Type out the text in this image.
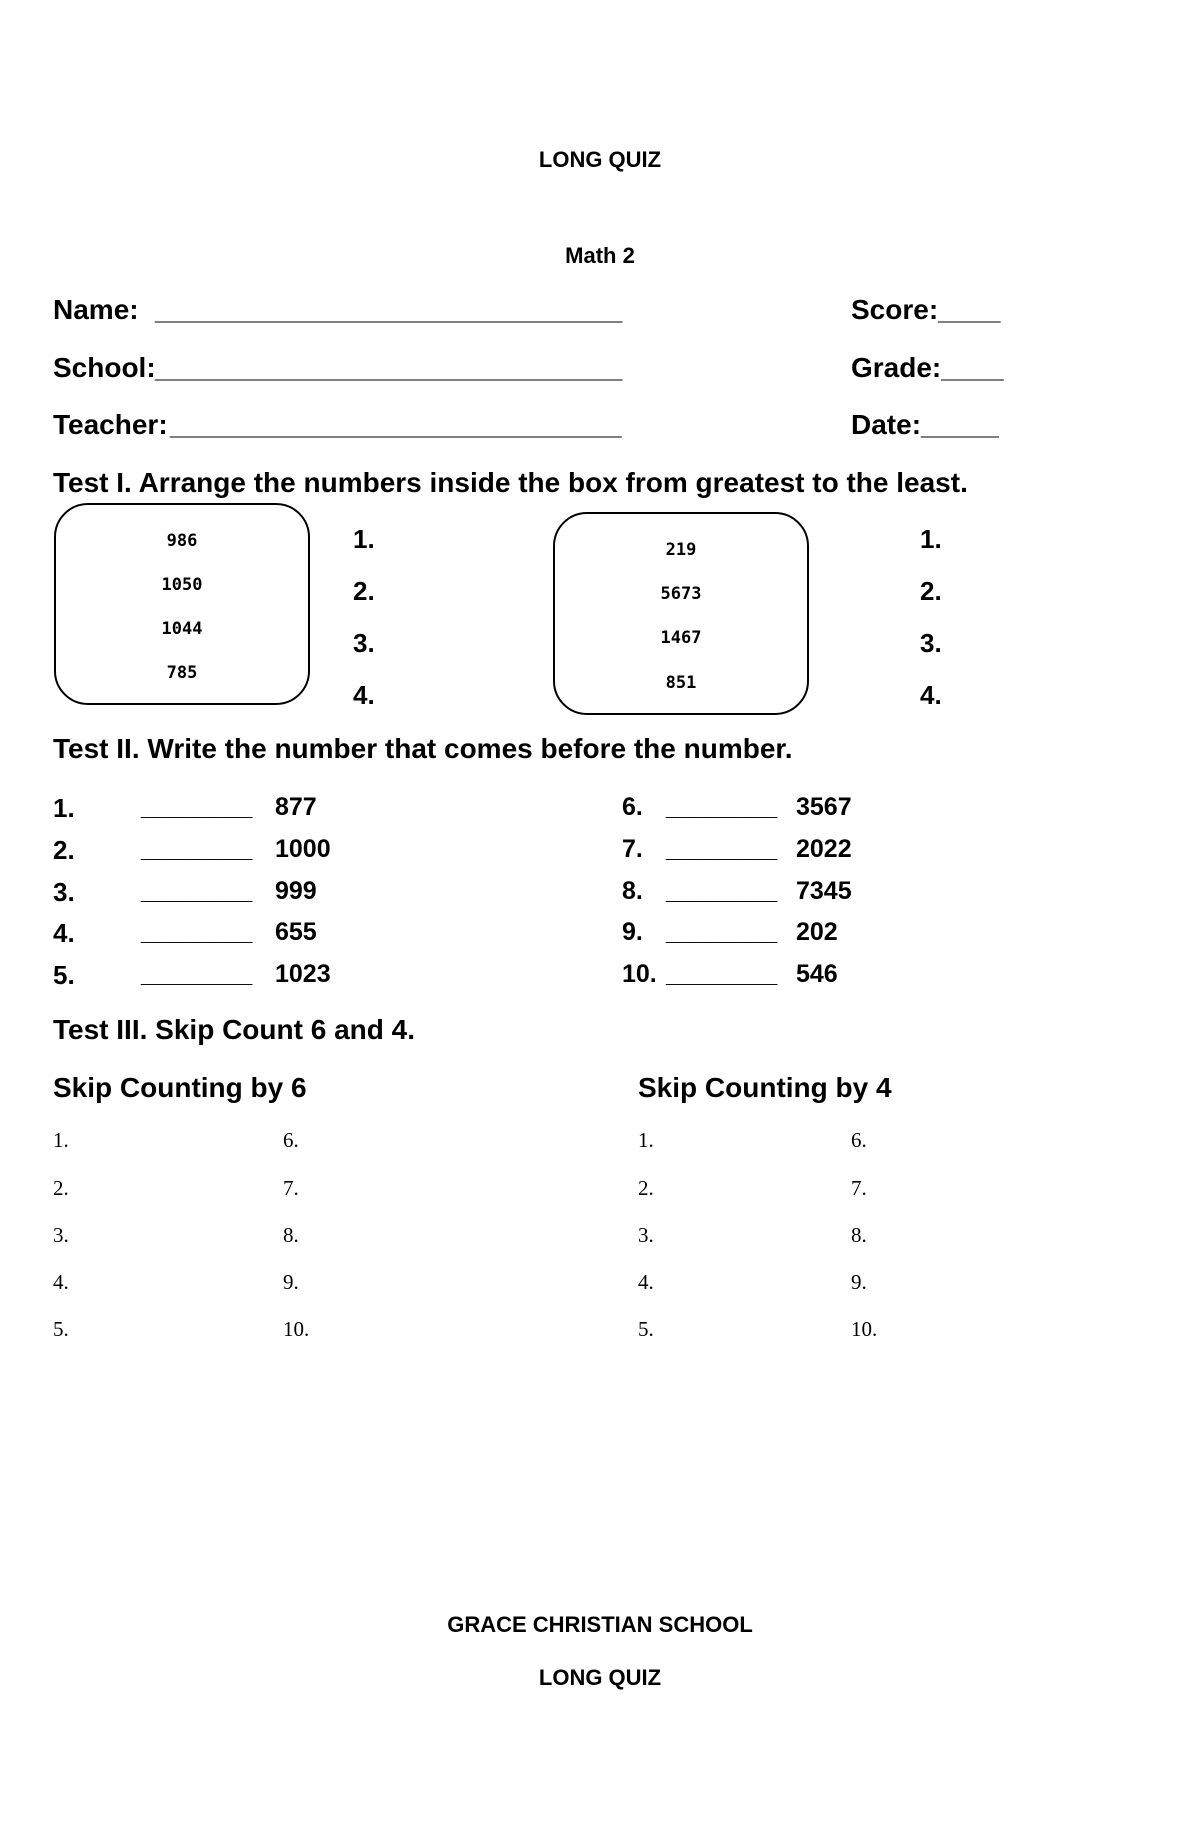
LONG QUIZ
Math 2
Name: ______________________________
School: ______________________________
Teacher: _____________________________
Score:____
Grade:____
Date:_____
Test I. Arrange the numbers inside the box from greatest to the least.
986
1050
1044
785
1.
2.
3.
4.
219
5673
1467
851
1.
2.
3.
4.
Test II. Write the number that comes before the number.
1.	________ 877
2.	________ 1000
3.	________ 999
4.	________ 655
5.	________ 1023
6. ________ 3567
7. ________ 2022
8. ________ 7345
9. ________ 202
10. ________ 546
Test III. Skip Count 6 and 4.
Skip Counting by 6	Skip Counting by 4
1.	6.	1.	6.
2.	7.	2.	7.
3.	8.	3.	8.
4.	9.	4.	9.
5.	10.	5.	10.
GRACE CHRISTIAN SCHOOL
LONG QUIZ
